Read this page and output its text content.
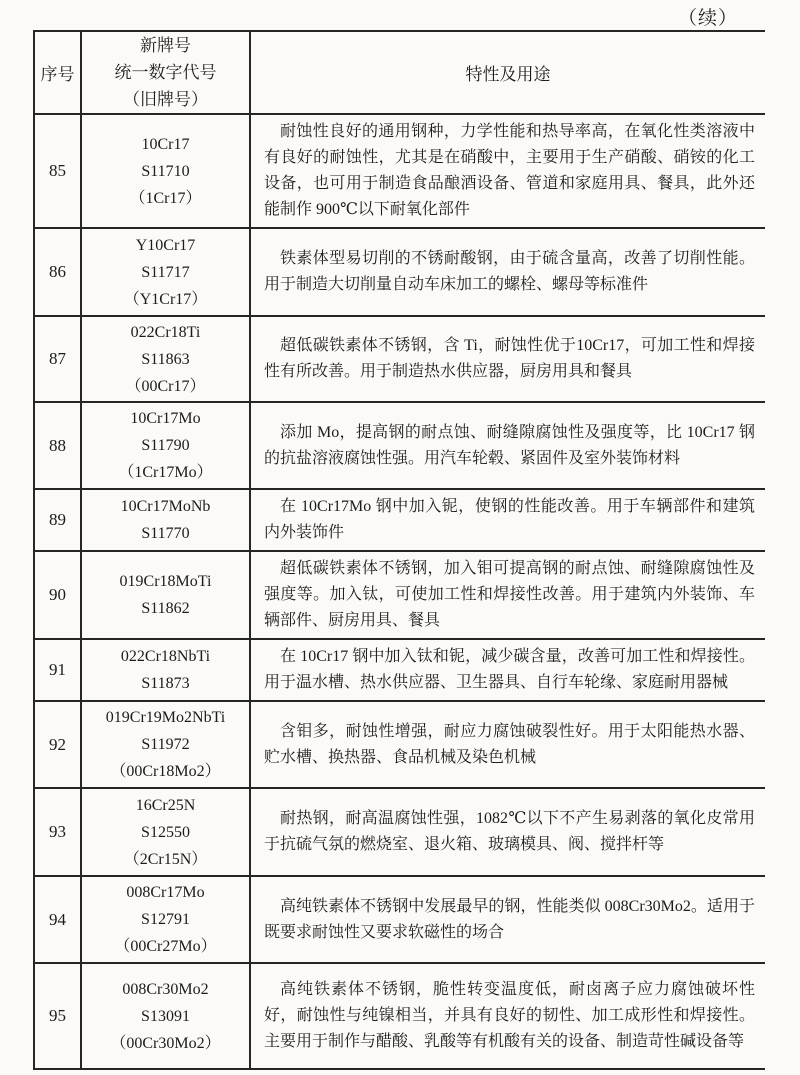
（续）
序号	新牌号
统一数字代号
（旧牌号）	特性及用途
85	10Cr17
S11710
（1Cr17）	耐蚀性良好的通用钢种，力学性能和热导率高，在氧化性类溶液中有良好的耐蚀性，尤其是在硝酸中，主要用于生产硝酸、硝铵的化工设备，也可用于制造食品酿酒设备、管道和家庭用具、餐具，此外还能制作 900℃以下耐氧化部件

86	Y10Cr17
S11717
（Y1Cr17）	铁素体型易切削的不锈耐酸钢，由于硫含量高，改善了切削性能。用于制造大切削量自动车床加工的螺栓、螺母等标准件

87	022Cr18Ti
S11863
（00Cr17）	超低碳铁素体不锈钢，含 Ti，耐蚀性优于10Cr17，可加工性和焊接性有所改善。用于制造热水供应器，厨房用具和餐具

88	10Cr17Mo
S11790
（1Cr17Mo）	添加 Mo，提高钢的耐点蚀、耐缝隙腐蚀性及强度等，比 10Cr17 钢的抗盐溶液腐蚀性强。用汽车轮毂、紧固件及室外装饰材料

89	10Cr17MoNb
S11770	在 10Cr17Mo 钢中加入铌，使钢的性能改善。用于车辆部件和建筑内外装饰件

90	019Cr18MoTi
S11862	超低碳铁素体不锈钢，加入钼可提高钢的耐点蚀、耐缝隙腐蚀性及强度等。加入钛，可使加工性和焊接性改善。用于建筑内外装饰、车辆部件、厨房用具、餐具

91	022Cr18NbTi
S11873	在 10Cr17 钢中加入钛和铌，减少碳含量，改善可加工性和焊接性。用于温水槽、热水供应器、卫生器具、自行车轮缘、家庭耐用器械

92	019Cr19Mo2NbTi
S11972
（00Cr18Mo2）	含钼多，耐蚀性增强，耐应力腐蚀破裂性好。用于太阳能热水器、贮水槽、换热器、食品机械及染色机械

93	16Cr25N
S12550
（2Cr15N）	耐热钢，耐高温腐蚀性强，1082℃以下不产生易剥落的氧化皮常用于抗硫气氛的燃烧室、退火箱、玻璃模具、阀、搅拌杆等

94	008Cr17Mo
S12791
（00Cr27Mo）	高纯铁素体不锈钢中发展最早的钢，性能类似 008Cr30Mo2。适用于既要求耐蚀性又要求软磁性的场合

95	008Cr30Mo2
S13091
（00Cr30Mo2）	高纯铁素体不锈钢，脆性转变温度低，耐卤离子应力腐蚀破坏性好，耐蚀性与纯镍相当，并具有良好的韧性、加工成形性和焊接性。主要用于制作与醋酸、乳酸等有机酸有关的设备、制造苛性碱设备等
